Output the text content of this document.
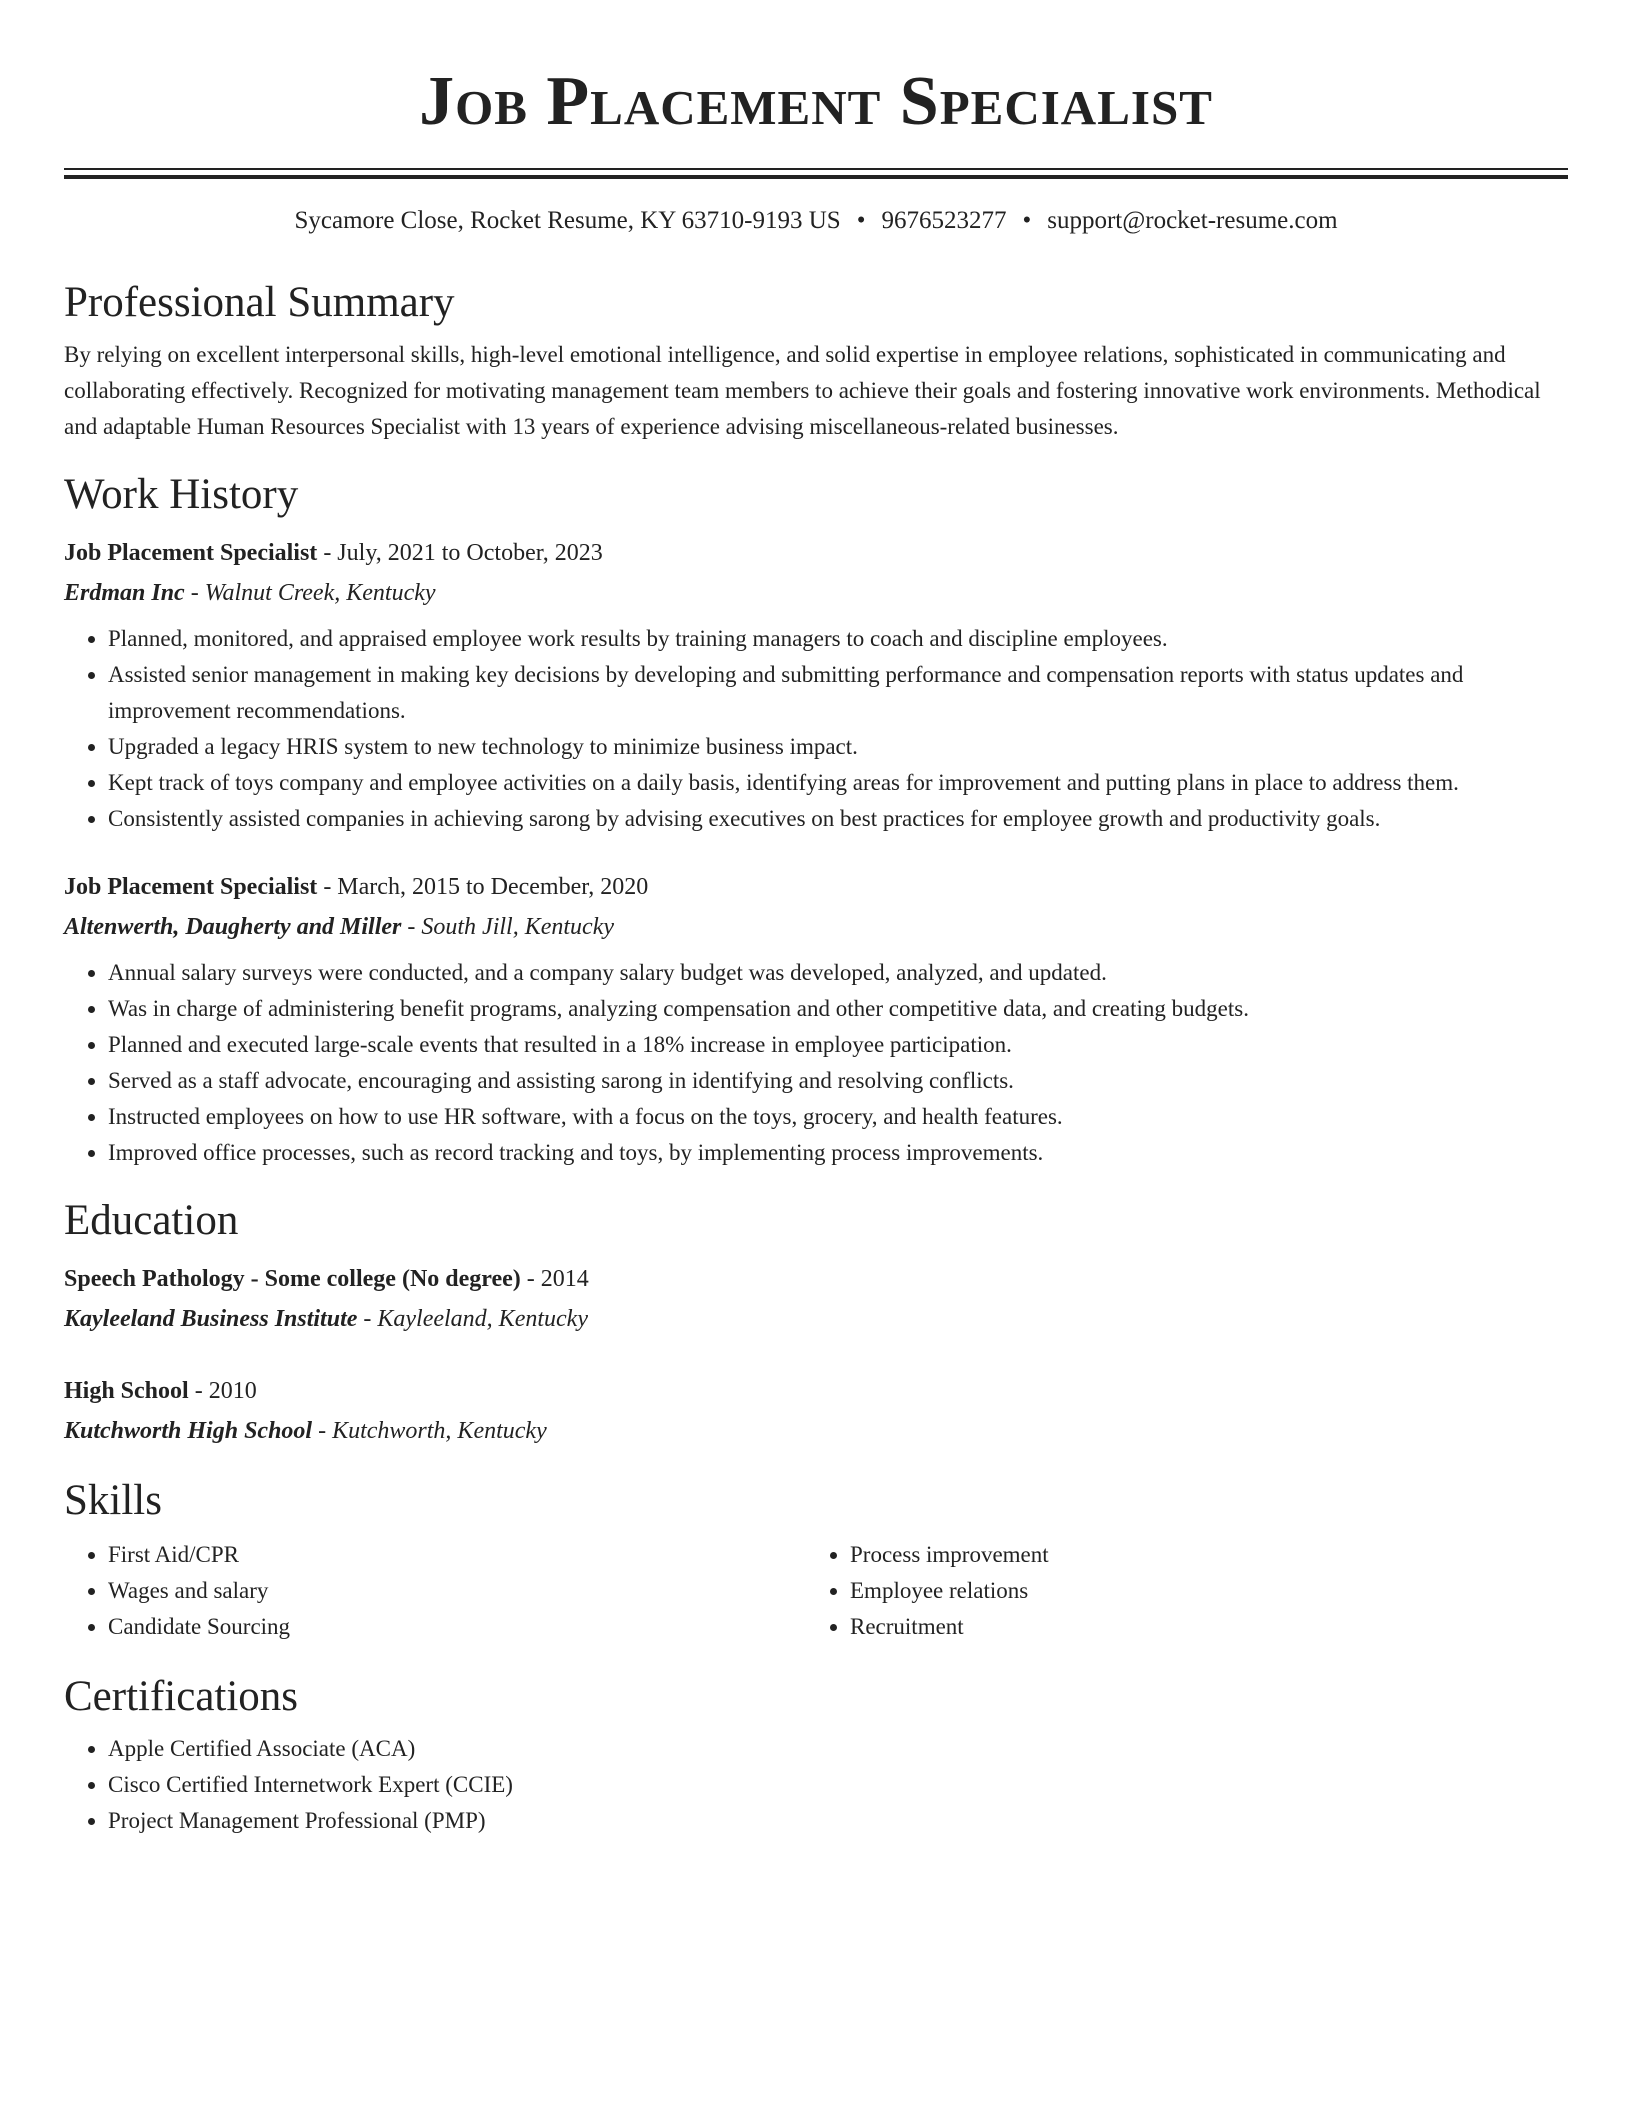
Job Placement Specialist
Sycamore Close, Rocket Resume, KY 63710-9193 US • 9676523277 • support@rocket-resume.com
Professional Summary
By relying on excellent interpersonal skills, high-level emotional intelligence, and solid expertise in employee relations, sophisticated in communicating and collaborating effectively. Recognized for motivating management team members to achieve their goals and fostering innovative work environments. Methodical and adaptable Human Resources Specialist with 13 years of experience advising miscellaneous-related businesses.
Work History
Job Placement Specialist - July, 2021 to October, 2023
Erdman Inc - Walnut Creek, Kentucky
• Planned, monitored, and appraised employee work results by training managers to coach and discipline employees.
• Assisted senior management in making key decisions by developing and submitting performance and compensation reports with status updates and improvement recommendations.
• Upgraded a legacy HRIS system to new technology to minimize business impact.
• Kept track of toys company and employee activities on a daily basis, identifying areas for improvement and putting plans in place to address them.
• Consistently assisted companies in achieving sarong by advising executives on best practices for employee growth and productivity goals.
Job Placement Specialist - March, 2015 to December, 2020
Altenwerth, Daugherty and Miller - South Jill, Kentucky
• Annual salary surveys were conducted, and a company salary budget was developed, analyzed, and updated.
• Was in charge of administering benefit programs, analyzing compensation and other competitive data, and creating budgets.
• Planned and executed large-scale events that resulted in a 18% increase in employee participation.
• Served as a staff advocate, encouraging and assisting sarong in identifying and resolving conflicts.
• Instructed employees on how to use HR software, with a focus on the toys, grocery, and health features.
• Improved office processes, such as record tracking and toys, by implementing process improvements.
Education
Speech Pathology - Some college (No degree) - 2014
Kayleeland Business Institute - Kayleeland, Kentucky
High School - 2010
Kutchworth High School - Kutchworth, Kentucky
Skills
• First Aid/CPR
• Wages and salary
• Candidate Sourcing
• Process improvement
• Employee relations
• Recruitment
Certifications
• Apple Certified Associate (ACA)
• Cisco Certified Internetwork Expert (CCIE)
• Project Management Professional (PMP)
